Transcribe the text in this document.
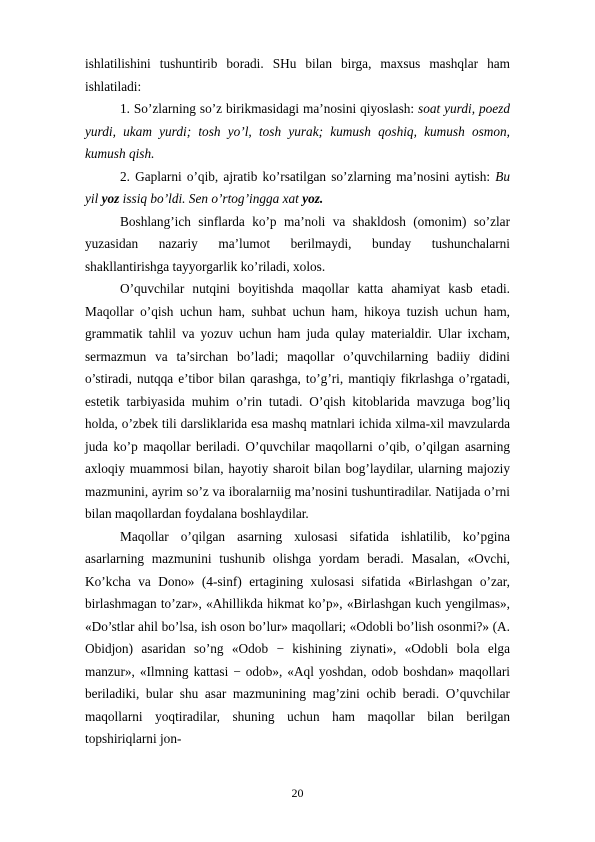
ishlatilishini tushuntirib boradi. SHu bilan birga, maxsus mashqlar ham ishlatiladi:

1. So’zlarning so’z birikmasidagi ma’nosini qiyoslash: soat yurdi, poezd yurdi, ukam yurdi; tosh yo’l, tosh yurak; kumush qoshiq, kumush osmon, kumush qish.

2. Gaplarni o’qib, ajratib ko’rsatilgan so’zlarning ma’nosini aytish: Bu yil yoz issiq bo’ldi. Sen o’rtog’ingga xat yoz.

Boshlang’ich sinflarda ko’p ma’noli va shakldosh (omonim) so’zlar yuzasidan nazariy ma’lumot berilmaydi, bunday tushunchalarni shakllantirishga tayyorgarlik ko’riladi, xolos.

O’quvchilar nutqini boyitishda maqollar katta ahamiyat kasb etadi. Maqollar o’qish uchun ham, suhbat uchun ham, hikoya tuzish uchun ham, grammatik tahlil va yozuv uchun ham juda qulay materialdir. Ular ixcham, sermazmun va ta’sirchan bo’ladi; maqollar o’quvchilarning badiiy didini o’stiradi, nutqqa e’tibor bilan qarashga, to’g’ri, mantiqiy fikrlashga o’rgatadi, estetik tarbiyasida muhim o’rin tutadi. O’qish kitoblarida mavzuga bog’liq holda, o’zbek tili darsliklarida esa mashq matnlari ichida xilma-xil mavzularda juda ko’p maqollar beriladi. O’quvchilar maqollarni o’qib, o’qilgan asarning axloqiy muammosi bilan, hayotiy sharoit bilan bog’laydilar, ularning majoziy mazmunini, ayrim so’z va iboralarniig ma’nosini tushuntiradilar. Natijada o’rni bilan maqollardan foydalana boshlaydilar.

Maqollar o’qilgan asarning xulosasi sifatida ishlatilib, ko’pgina asarlarning mazmunini tushunib olishga yordam beradi. Masalan, «Ovchi, Ko’kcha va Dono» (4-sinf) ertagining xulosasi sifatida «Birlashgan o’zar, birlashmagan to’zar», «Ahillikda hikmat ko’p», «Birlashgan kuch yengilmas», «Do’stlar ahil bo’lsa, ish oson bo’lur» maqollari; «Odobli bo’lish osonmi?» (A. Obidjon) asaridan so’ng «Odob − kishining ziynati», «Odobli bola elga manzur», «Ilmning kattasi − odob», «Aql yoshdan, odob boshdan» maqollari beriladiki, bular shu asar mazmunining mag’zini ochib beradi. O’quvchilar maqollarni yoqtiradilar, shuning uchun ham maqollar bilan berilgan topshiriqlarni jon-

20
